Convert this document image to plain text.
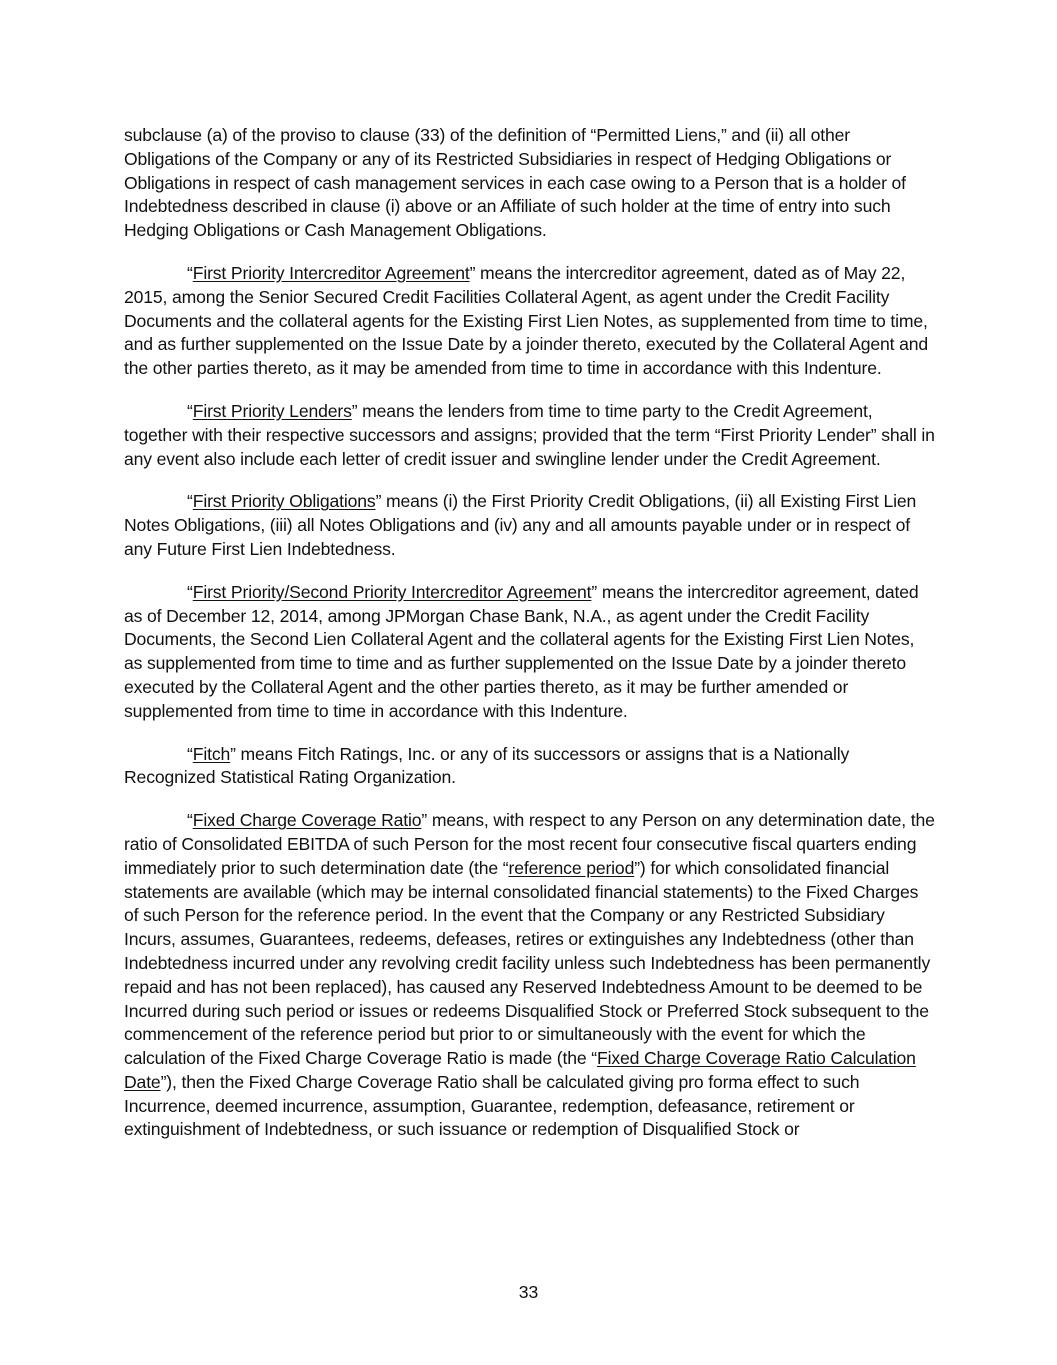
subclause (a) of the proviso to clause (33) of the definition of “Permitted Liens,” and (ii) all other Obligations of the Company or any of its Restricted Subsidiaries in respect of Hedging Obligations or Obligations in respect of cash management services in each case owing to a Person that is a holder of Indebtedness described in clause (i) above or an Affiliate of such holder at the time of entry into such Hedging Obligations or Cash Management Obligations.

“First Priority Intercreditor Agreement” means the intercreditor agreement, dated as of May 22, 2015, among the Senior Secured Credit Facilities Collateral Agent, as agent under the Credit Facility Documents and the collateral agents for the Existing First Lien Notes, as supplemented from time to time, and as further supplemented on the Issue Date by a joinder thereto, executed by the Collateral Agent and the other parties thereto, as it may be amended from time to time in accordance with this Indenture.

“First Priority Lenders” means the lenders from time to time party to the Credit Agreement, together with their respective successors and assigns; provided that the term “First Priority Lender” shall in any event also include each letter of credit issuer and swingline lender under the Credit Agreement.

“First Priority Obligations” means (i) the First Priority Credit Obligations, (ii) all Existing First Lien Notes Obligations, (iii) all Notes Obligations and (iv) any and all amounts payable under or in respect of any Future First Lien Indebtedness.

“First Priority/Second Priority Intercreditor Agreement” means the intercreditor agreement, dated as of December 12, 2014, among JPMorgan Chase Bank, N.A., as agent under the Credit Facility Documents, the Second Lien Collateral Agent and the collateral agents for the Existing First Lien Notes, as supplemented from time to time and as further supplemented on the Issue Date by a joinder thereto executed by the Collateral Agent and the other parties thereto, as it may be further amended or supplemented from time to time in accordance with this Indenture.

“Fitch” means Fitch Ratings, Inc. or any of its successors or assigns that is a Nationally Recognized Statistical Rating Organization.

“Fixed Charge Coverage Ratio” means, with respect to any Person on any determination date, the ratio of Consolidated EBITDA of such Person for the most recent four consecutive fiscal quarters ending immediately prior to such determination date (the “reference period”) for which consolidated financial statements are available (which may be internal consolidated financial statements) to the Fixed Charges of such Person for the reference period. In the event that the Company or any Restricted Subsidiary Incurs, assumes, Guarantees, redeems, defeases, retires or extinguishes any Indebtedness (other than Indebtedness incurred under any revolving credit facility unless such Indebtedness has been permanently repaid and has not been replaced), has caused any Reserved Indebtedness Amount to be deemed to be Incurred during such period or issues or redeems Disqualified Stock or Preferred Stock subsequent to the commencement of the reference period but prior to or simultaneously with the event for which the calculation of the Fixed Charge Coverage Ratio is made (the “Fixed Charge Coverage Ratio Calculation Date”), then the Fixed Charge Coverage Ratio shall be calculated giving pro forma effect to such Incurrence, deemed incurrence, assumption, Guarantee, redemption, defeasance, retirement or extinguishment of Indebtedness, or such issuance or redemption of Disqualified Stock or

33
